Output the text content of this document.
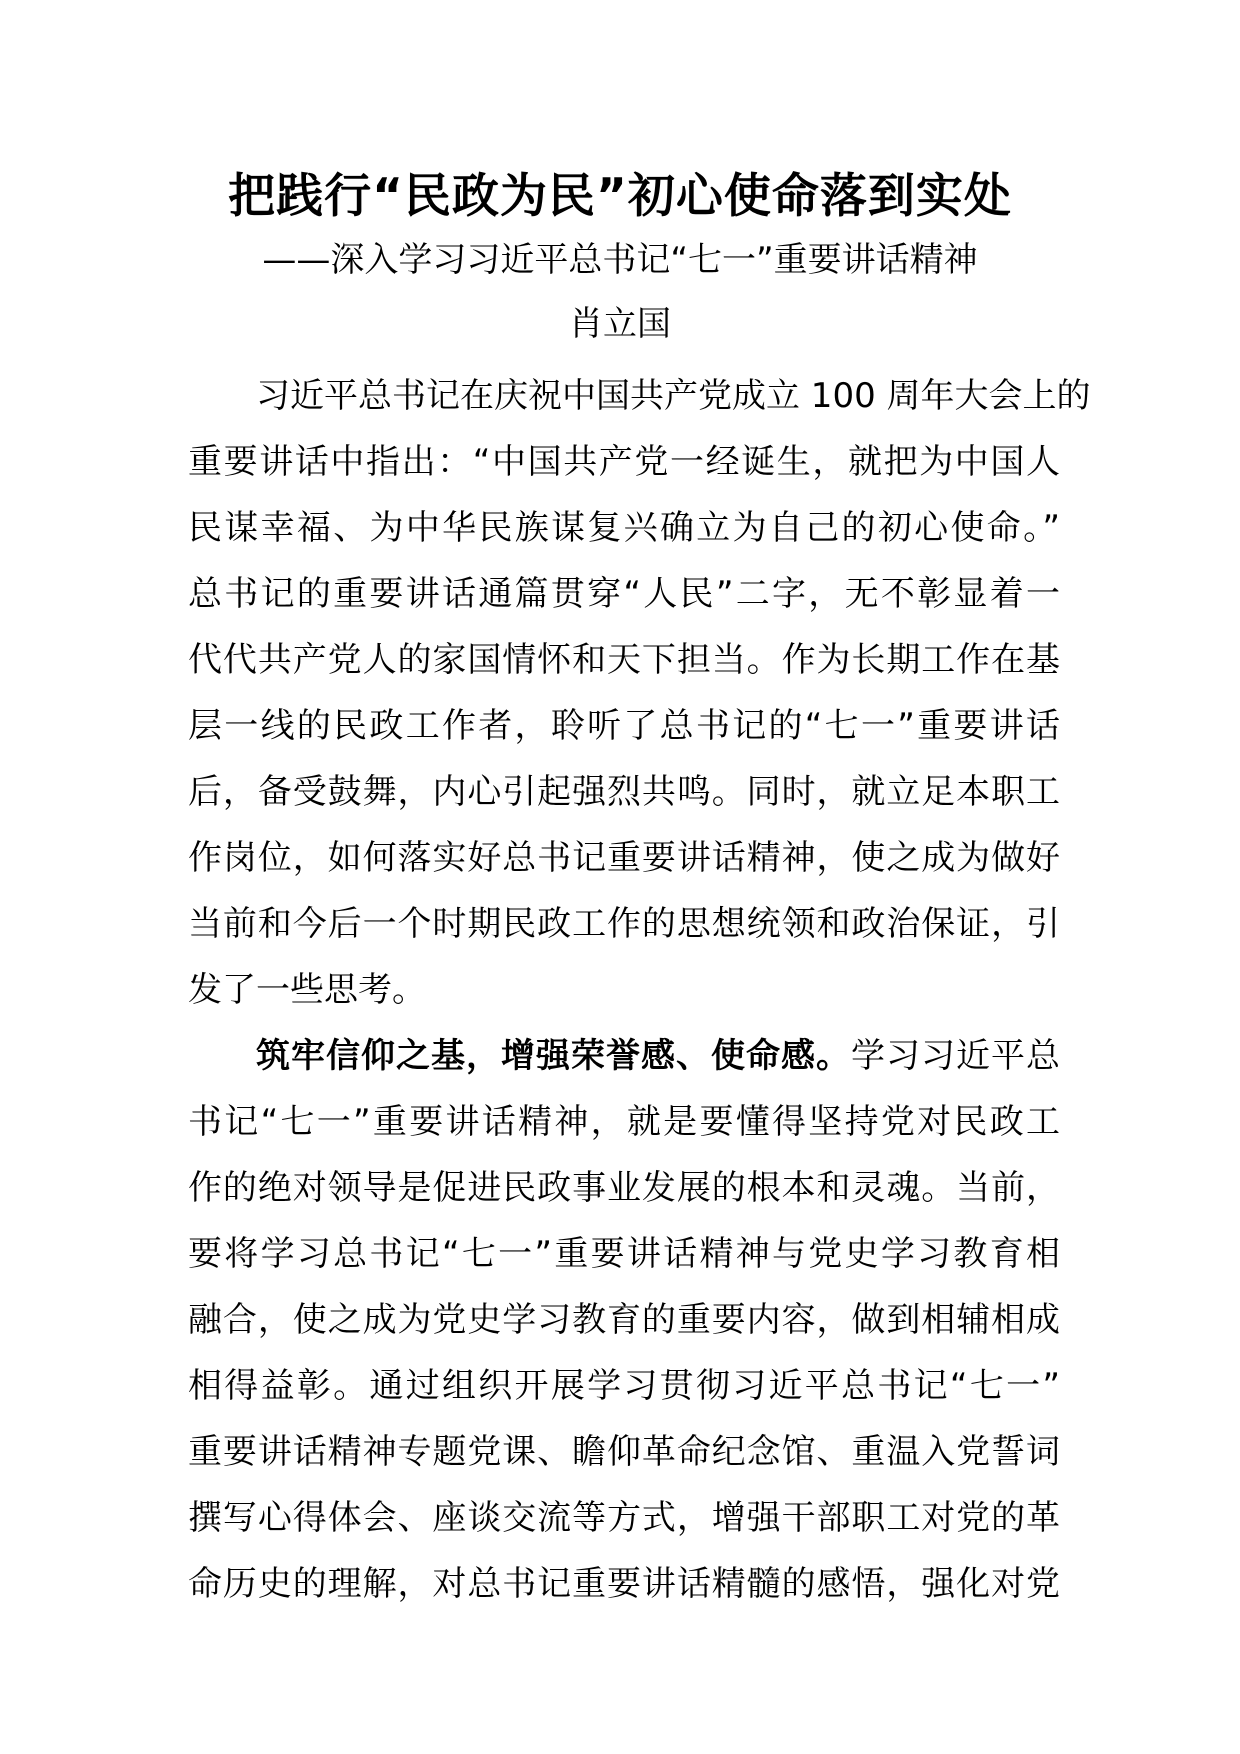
把践行“民政为民”初心使命落到实处
——深入学习习近平总书记“七一”重要讲话精神
肖立国
习近平总书记在庆祝中国共产党成立 100 周年大会上的
重要讲话中指出：“中国共产党一经诞生，就把为中国人
民谋幸福、为中华民族谋复兴确立为自己的初心使命。”
总书记的重要讲话通篇贯穿“人民”二字，无不彰显着一
代代共产党人的家国情怀和天下担当。作为长期工作在基
层一线的民政工作者，聆听了总书记的“七一”重要讲话
后，备受鼓舞，内心引起强烈共鸣。同时，就立足本职工
作岗位，如何落实好总书记重要讲话精神，使之成为做好
当前和今后一个时期民政工作的思想统领和政治保证，引
发了一些思考。
筑牢信仰之基，增强荣誉感、使命感。学习习近平总
书记“七一”重要讲话精神，就是要懂得坚持党对民政工
作的绝对领导是促进民政事业发展的根本和灵魂。当前，
要将学习总书记“七一”重要讲话精神与党史学习教育相
融合，使之成为党史学习教育的重要内容，做到相辅相成
相得益彰。通过组织开展学习贯彻习近平总书记“七一”
重要讲话精神专题党课、瞻仰革命纪念馆、重温入党誓词
撰写心得体会、座谈交流等方式，增强干部职工对党的革
命历史的理解，对总书记重要讲话精髓的感悟，强化对党
